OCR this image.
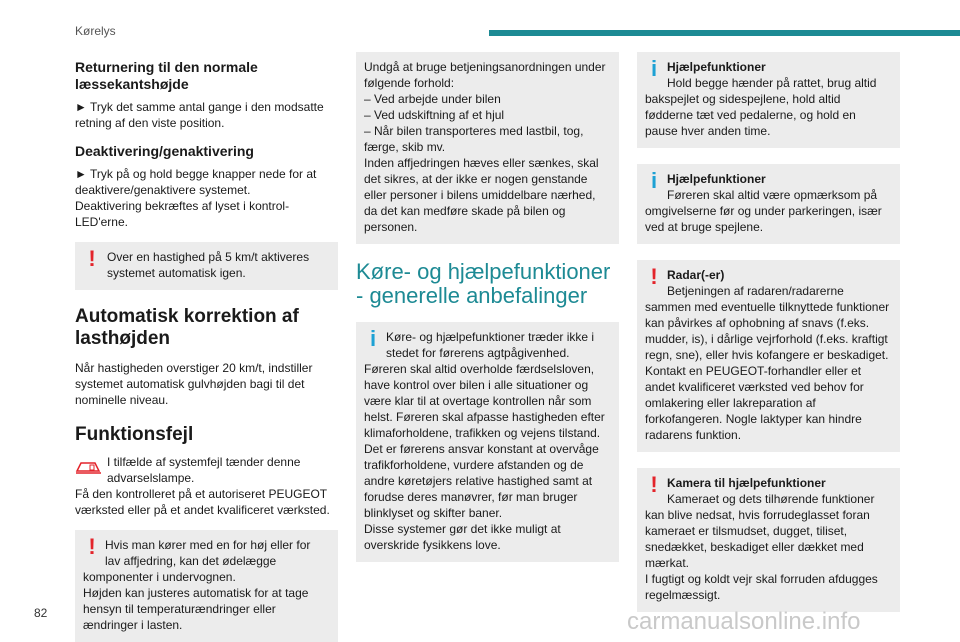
Kørelys
Returnering til den normale læssekantshøjde
► Tryk det samme antal gange i den modsatte retning af den viste position.
Deaktivering/genaktivering
► Tryk på og hold begge knapper nede for at deaktivere/genaktivere systemet.
Deaktivering bekræftes af lyset i kontrol-LED'erne.
! Over en hastighed på 5 km/t aktiveres systemet automatisk igen.
Automatisk korrektion af lasthøjden
Når hastigheden overstiger 20 km/t, indstiller systemet automatisk gulvhøjden bagi til det nominelle niveau.
Funktionsfejl
I tilfælde af systemfejl tænder denne advarselslampe.
Få den kontrolleret på et autoriseret PEUGEOT værksted eller på et andet kvalificeret værksted.
! Hvis man kører med en for høj eller for lav affjedring, kan det ødelægge komponenter i undervognen.
Højden kan justeres automatisk for at tage hensyn til temperaturændringer eller ændringer i lasten.
Undgå at bruge betjeningsanordningen under følgende forhold:
– Ved arbejde under bilen
– Ved udskiftning af et hjul
– Når bilen transporteres med lastbil, tog, færge, skib mv.
Inden affjedringen hæves eller sænkes, skal det sikres, at der ikke er nogen genstande eller personer i bilens umiddelbare nærhed, da det kan medføre skade på bilen og personen.
Køre- og hjælpefunktioner - generelle anbefalinger
i Køre- og hjælpefunktioner træder ikke i stedet for førerens agtpågivenhed.
Føreren skal altid overholde færdselsloven, have kontrol over bilen i alle situationer og være klar til at overtage kontrollen når som helst. Føreren skal afpasse hastigheden efter klimaforholdene, trafikken og vejens tilstand.
Det er førerens ansvar konstant at overvåge trafikforholdene, vurdere afstanden og de andre køretøjers relative hastighed samt at forudse deres manøvrer, før man bruger blinklyset og skifter baner.
Disse systemer gør det ikke muligt at overskride fysikkens love.
i Hjælpefunktioner
Hold begge hænder på rattet, brug altid bakspejlet og sidespejlene, hold altid fødderne tæt ved pedalerne, og hold en pause hver anden time.
i Hjælpefunktioner
Føreren skal altid være opmærksom på omgivelserne før og under parkeringen, især ved at bruge spejlene.
! Radar(-er)
Betjeningen af radaren/radarerne sammen med eventuelle tilknyttede funktioner kan påvirkes af ophobning af snavs (f.eks. mudder, is), i dårlige vejrforhold (f.eks. kraftigt regn, sne), eller hvis kofangere er beskadiget.
Kontakt en PEUGEOT-forhandler eller et andet kvalificeret værksted ved behov for omlakering eller lakreparation af forkofangeren. Nogle laktyper kan hindre radarens funktion.
! Kamera til hjælpefunktioner
Kameraet og dets tilhørende funktioner kan blive nedsat, hvis forrudeglasset foran kameraet er tilsmudset, dugget, tiliset, snedækket, beskadiget eller dækket med mærkat.
I fugtigt og koldt vejr skal forruden afdugges regelmæssigt.
82	carmanualsonline.info
